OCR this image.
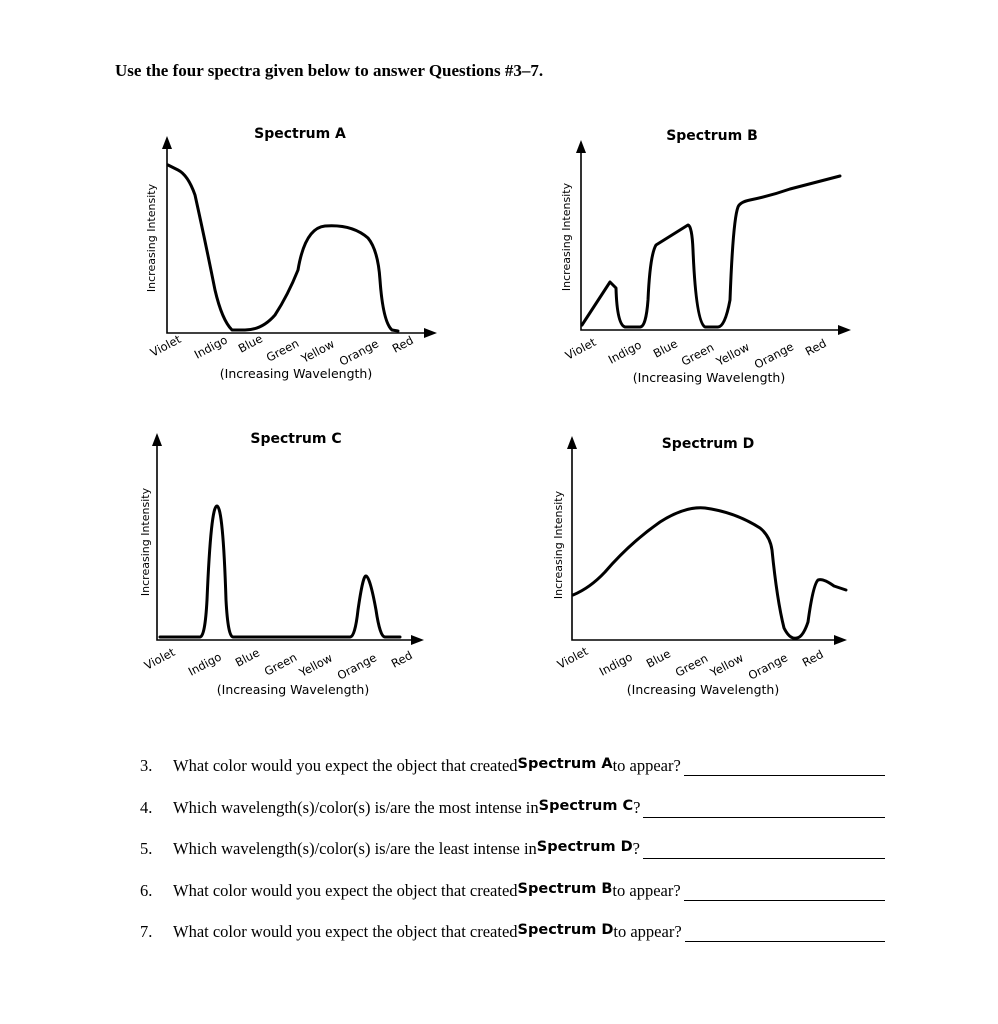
Use the four spectra given below to answer Questions #3–7.

Spectrum A
Increasing Intensity
Violet Indigo Blue
Green
Yellow Orange Red
(Increasing Wavelength)
Spectrum B
Increasing Intensity
Violet Indigo Blue
Green
Yellow Orange Red
(Increasing Wavelength)
Spectrum C
Increasing Intensity
Violet Indigo Blue Green
Yellow Orange Red
(Increasing Wavelength)
Spectrum D
Increasing Intensity
Violet Indigo Blue Green
Yellow Orange Red
(Increasing Wavelength)
3.	What color would you expect the object that created Spectrum A to appear?
4.	Which wavelength(s)/color(s) is/are the most intense in Spectrum C ?
5.	Which wavelength(s)/color(s) is/are the least intense in Spectrum D ?
6.	What color would you expect the object that created Spectrum B to appear?
7.	What color would you expect the object that created Spectrum D to appear?
